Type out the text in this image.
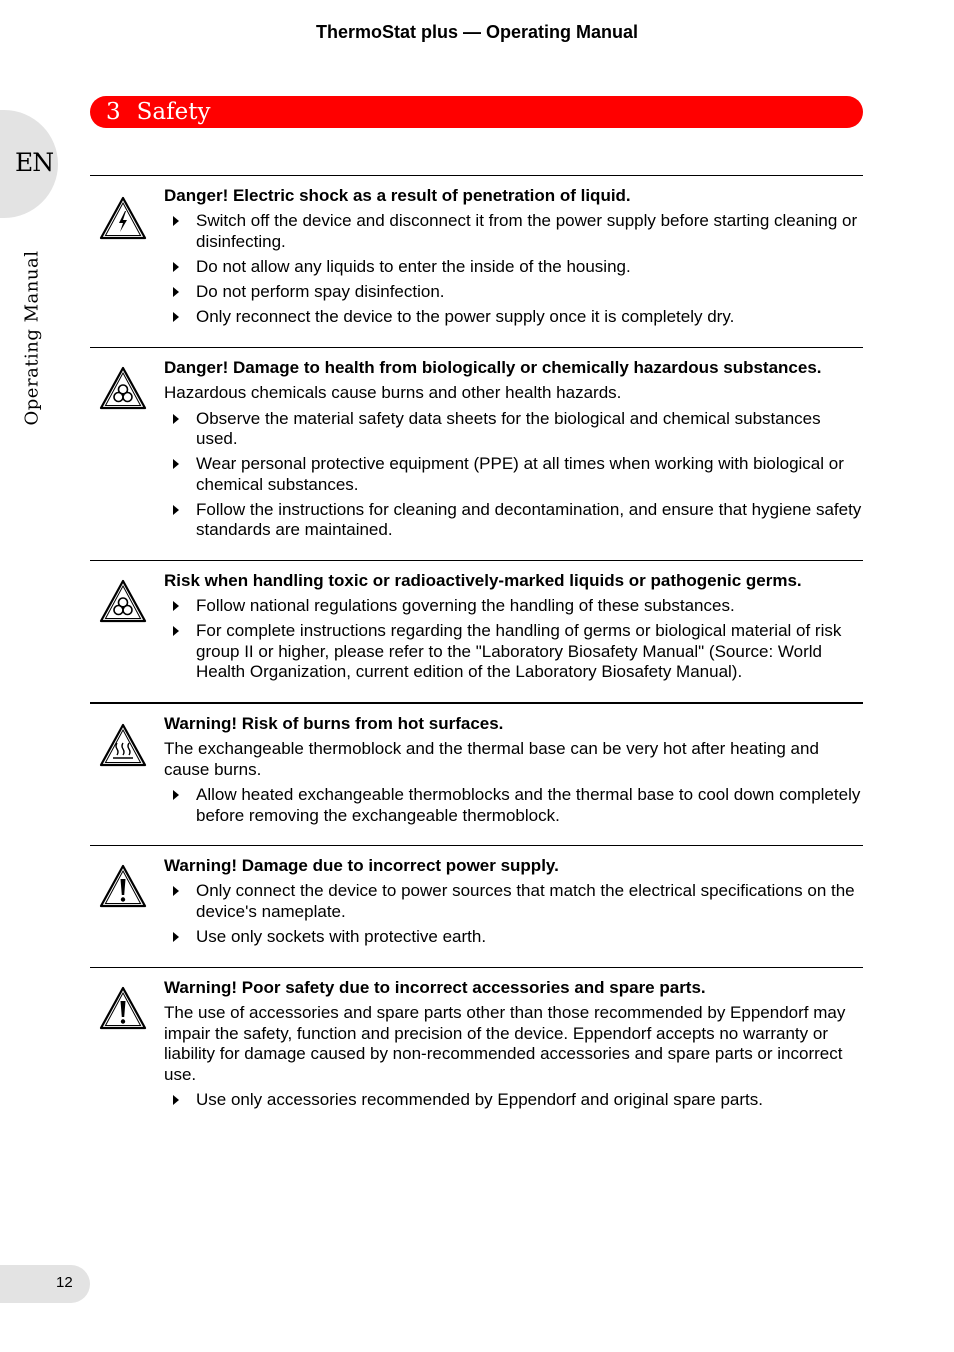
ThermoStat plus — Operating Manual
EN
Operating Manual
3 Safety
Danger! Electric shock as a result of penetration of liquid.
Switch off the device and disconnect it from the power supply before starting cleaning or disinfecting.
Do not allow any liquids to enter the inside of the housing.
Do not perform spay disinfection.
Only reconnect the device to the power supply once it is completely dry.
Danger! Damage to health from biologically or chemically hazardous substances.
Hazardous chemicals cause burns and other health hazards.
Observe the material safety data sheets for the biological and chemical substances used.
Wear personal protective equipment (PPE) at all times when working with biological or chemical substances.
Follow the instructions for cleaning and decontamination, and ensure that hygiene safety standards are maintained.
Risk when handling toxic or radioactively-marked liquids or pathogenic germs.
Follow national regulations governing the handling of these substances.
For complete instructions regarding the handling of germs or biological material of risk group II or higher, please refer to the "Laboratory Biosafety Manual" (Source: World Health Organization, current edition of the Laboratory Biosafety Manual).
Warning! Risk of burns from hot surfaces.
The exchangeable thermoblock and the thermal base can be very hot after heating and cause burns.
Allow heated exchangeable thermoblocks and the thermal base to cool down completely before removing the exchangeable thermoblock.
Warning! Damage due to incorrect power supply.
Only connect the device to power sources that match the electrical specifications on the device's nameplate.
Use only sockets with protective earth.
Warning! Poor safety due to incorrect accessories and spare parts.
The use of accessories and spare parts other than those recommended by Eppendorf may impair the safety, function and precision of the device. Eppendorf accepts no warranty or liability for damage caused by non-recommended accessories and spare parts or incorrect use.
Use only accessories recommended by Eppendorf and original spare parts.
12
